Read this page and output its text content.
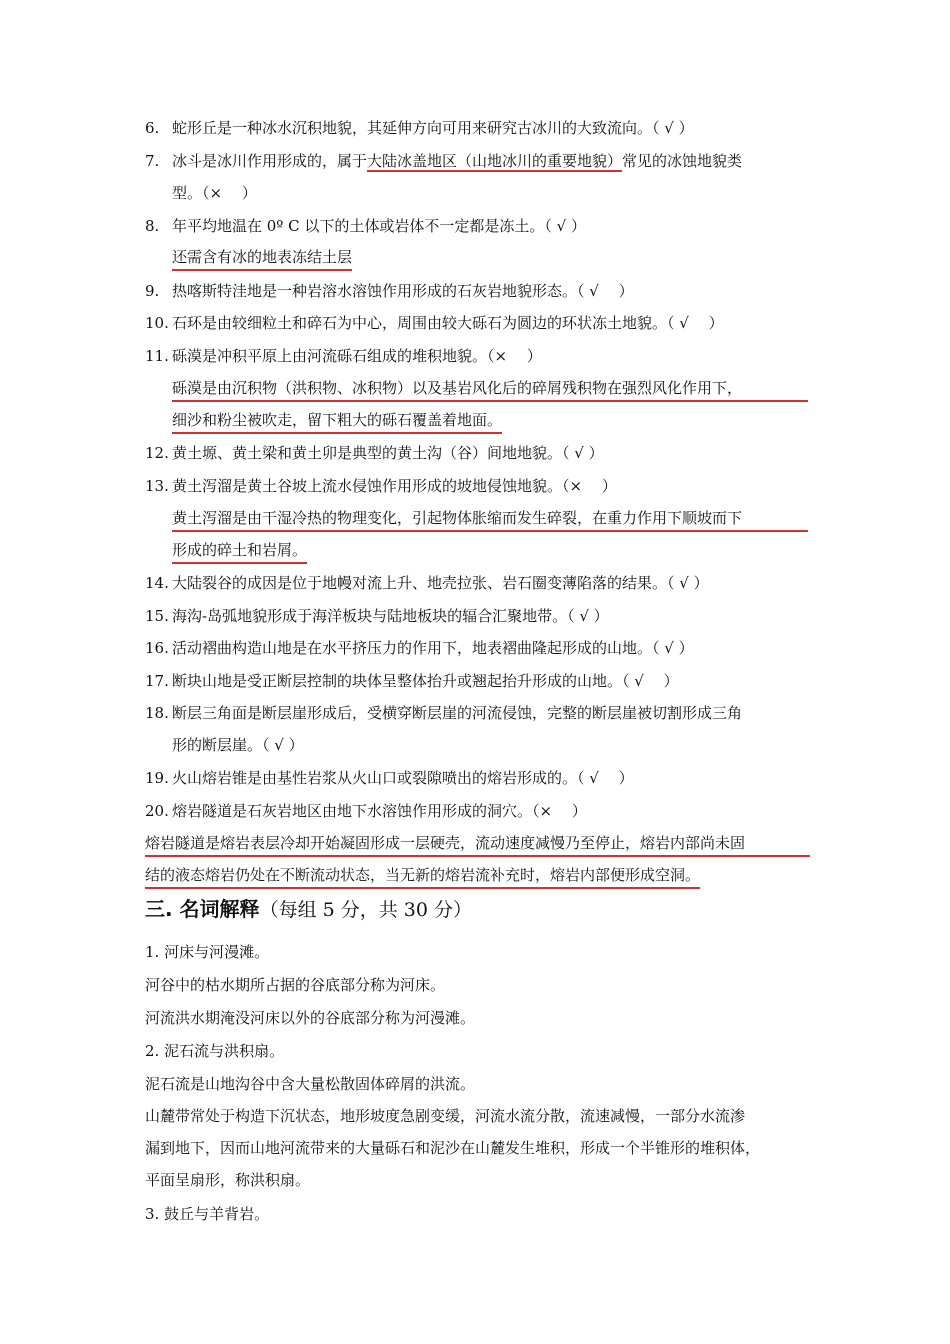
6. 蛇形丘是一种冰水沉积地貌，其延伸方向可用来研究古冰川的大致流向。（ √ ）
7. 冰斗是冰川作用形成的，属于大陆冰盖地区（山地冰川的重要地貌）常见的冰蚀地貌类
型。（×　 ）
8. 年平均地温在 0º C 以下的土体或岩体不一定都是冻土。（ √ ）
还需含有冰的地表冻结土层
9. 热喀斯特洼地是一种岩溶水溶蚀作用形成的石灰岩地貌形态。（ √　 ）
10. 石环是由较细粒土和碎石为中心，周围由较大砾石为圆边的环状冻土地貌。（ √　 ）
11. 砾漠是冲积平原上由河流砾石组成的堆积地貌。（×　 ）
砾漠是由沉积物（洪积物、冰积物）以及基岩风化后的碎屑残积物在强烈风化作用下，
细沙和粉尘被吹走，留下粗大的砾石覆盖着地面。
12. 黄土塬、黄土梁和黄土卯是典型的黄土沟（谷）间地地貌。（ √ ）
13. 黄土泻溜是黄土谷坡上流水侵蚀作用形成的坡地侵蚀地貌。（×　 ）
黄土泻溜是由干湿冷热的物理变化，引起物体胀缩而发生碎裂，在重力作用下顺坡而下
形成的碎土和岩屑。
14. 大陆裂谷的成因是位于地幔对流上升、地壳拉张、岩石圈变薄陷落的结果。（ √ ）
15. 海沟-岛弧地貌形成于海洋板块与陆地板块的辐合汇聚地带。（ √ ）
16. 活动褶曲构造山地是在水平挤压力的作用下，地表褶曲隆起形成的山地。（ √ ）
17. 断块山地是受正断层控制的块体呈整体抬升或翘起抬升形成的山地。（ √　 ）
18. 断层三角面是断层崖形成后，受横穿断层崖的河流侵蚀，完整的断层崖被切割形成三角
形的断层崖。（ √ ）
19. 火山熔岩锥是由基性岩浆从火山口或裂隙喷出的熔岩形成的。（ √　 ）
20. 熔岩隧道是石灰岩地区由地下水溶蚀作用形成的洞穴。（×　 ）
熔岩隧道是熔岩表层冷却开始凝固形成一层硬壳，流动速度减慢乃至停止，熔岩内部尚未固
结的液态熔岩仍处在不断流动状态，当无新的熔岩流补充时，熔岩内部便形成空洞。
三. 名词解释（每组 5 分，共 30 分）
1. 河床与河漫滩。
河谷中的枯水期所占据的谷底部分称为河床。
河流洪水期淹没河床以外的谷底部分称为河漫滩。
2. 泥石流与洪积扇。
泥石流是山地沟谷中含大量松散固体碎屑的洪流。
山麓带常处于构造下沉状态，地形坡度急剧变缓，河流水流分散，流速减慢，一部分水流渗
漏到地下，因而山地河流带来的大量砾石和泥沙在山麓发生堆积，形成一个半锥形的堆积体，
平面呈扇形，称洪积扇。
3. 鼓丘与羊背岩。
